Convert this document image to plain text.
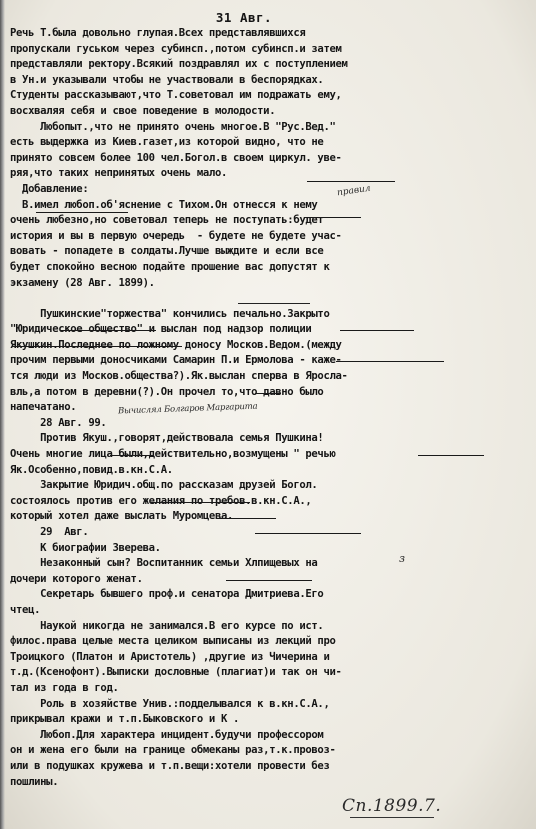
31 Авг.
Речь Т.была довольно глупая.Всех представлявшихся
пропускали гуськом через субинсп.,потом субинсп.и затем
представляли ректору.Всякий поздравлял их с поступлением
в Ун.и указывали чтобы не участвовали в беспорядках.
Студенты рассказывают,что Т.советовал им подражать ему,
восхваляя себя и свое поведение в молодости.
Любопыт.,что не принято очень многое.В "Рус.Вед."
есть выдержка из Киев.газет,из которой видно, что не
принято совсем более 100 чел.Богол.в своем циркул. уве-
ряя,что таких непринятых очень мало.
Добавление:
В.имел любоп.об'яснение с Тихом.Он отнесся к нему
очень любезно,но советовал теперь не поступать:будет
история и вы в первую очередь  - будете не будете учас-
вовать - попадете в солдаты.Лучше выждите и если все
будет спокойно весною подайте прошение вас допустят к
экзамену (28 Авг. 1899).
Пушкинские"торжества" кончились печально.Закрыто
"Юридическое общество" и выслан под надзор полиции
Якушкин.Последнее по ложному доносу Москов.Ведом.(между
прочим первыми доносчиками Самарин П.и Ермолова - каже-
тся люди из Москов.общества?).Як.выслан сперва в Яросла-
вль,а потом в деревни(?).Он прочел то,что давно было
напечатано.
28 Авг. 99.
Против Якуш.,говорят,действовала семья Пушкина!
Очень многие лица были,действительно,возмущены " речью
Як.Особенно,повид.в.кн.С.А.
Закрытие Юридич.общ.по рассказам друзей Богол.
состоялось против его желания по требов.в.кн.С.А.,
который хотел даже выслать Муромцева.
29  Авг.
К биографии Зверева.
Незаконный сын? Воспитанник семьи Хлпищевых на
дочери которого женат.
Секретарь бывшего проф.и сенатора Дмитриева.Его
чтец.
Наукой никогда не занимался.В его курсе по ист.
филос.права целые места целиком выписаны из лекций про
Троицкого (Платон и Аристотель) ,другие из Чичерина и
т.д.(Ксенофонт).Выписки дословные (плагиат)и так он чи-
тал из года в год.
Роль в хозяйстве Унив.:подделывался к в.кн.С.А.,
прикрывал кражи и т.п.Быковского и К .
Любоп.Для характера инцидент.будучи профессором
он и жена его были на границе обмеканы раз,т.к.провоз-
или в подушках кружева и т.п.вещи:хотели провести без
пошлины.
правил
Вычислял Болгаров Маргарита
з
Сп.1899.7.
